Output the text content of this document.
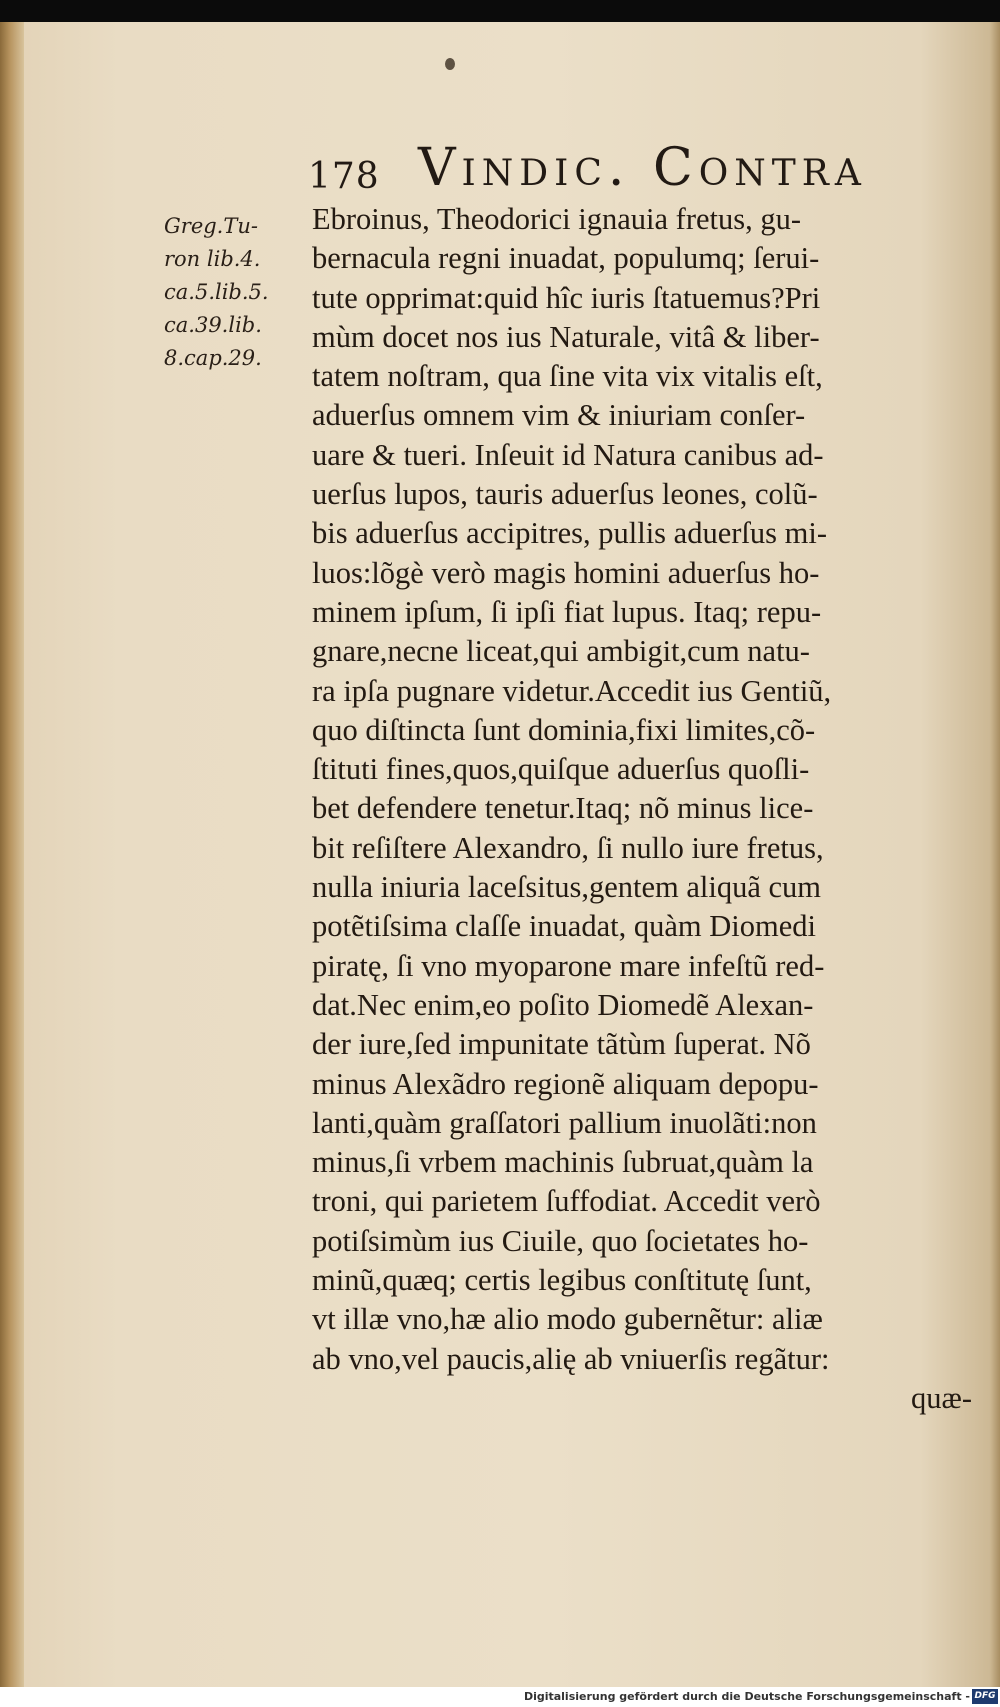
178 Vindic. Contra
Greg.Tu-
ron lib.4.
ca.5.lib.5.
ca.39.lib.
8.cap.29.
Ebroinus, Theodorici ignauia fretus, gu-
bernacula regni inuadat, populumq; ſerui-
tute opprimat:quid hîc iuris ſtatuemus?Pri
mùm docet nos ius Naturale, vitâ & liber-
tatem noſtram, qua ſine vita vix vitalis eſt,
aduerſus omnem vim & iniuriam conſer-
uare & tueri. Inſeuit id Natura canibus ad-
uerſus lupos, tauris aduerſus leones, colũ-
bis aduerſus accipitres, pullis aduerſus mi-
luos:lõgè verò magis homini aduerſus ho-
minem ipſum, ſi ipſi fiat lupus. Itaq; repu-
gnare,necne liceat,qui ambigit,cum natu-
ra ipſa pugnare videtur.Accedit ius Gentiũ,
quo diſtincta ſunt dominia,fixi limites,cõ-
ſtituti fines,quos,quiſque aduerſus quoſli-
bet defendere tenetur.Itaq; nõ minus lice-
bit reſiſtere Alexandro, ſi nullo iure fretus,
nulla iniuria laceſsitus,gentem aliquã cum
potẽtiſsima claſſe inuadat, quàm Diomedi
piratę, ſi vno myoparone mare infeſtũ red-
dat.Nec enim,eo poſito Diomedẽ Alexan-
der iure,ſed impunitate tãtùm ſuperat. Nõ
minus Alexãdro regionẽ aliquam depopu-
lanti,quàm graſſatori pallium inuolãti:non
minus,ſi vrbem machinis ſubruat,quàm la
troni, qui parietem ſuffodiat. Accedit verò
potiſsimùm ius Ciuile, quo ſocietates ho-
minũ,quæq; certis legibus conſtitutę ſunt,
vt illæ vno,hæ alio modo gubernẽtur: aliæ
ab vno,vel paucis,alię ab vniuerſis regãtur:
quæ-
Digitalisierung gefördert durch die Deutsche Forschungsgemeinschaft - DFG
